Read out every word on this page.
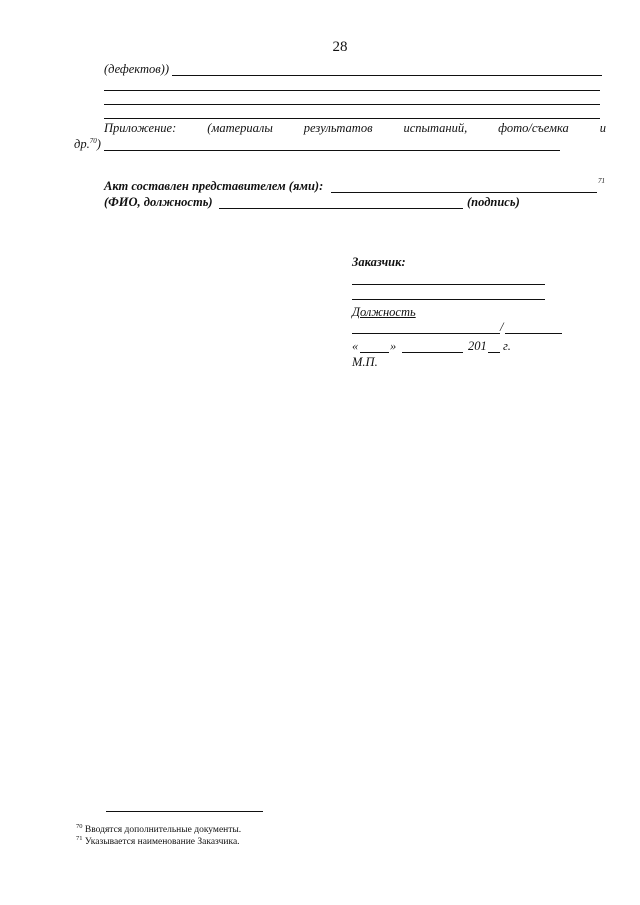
28
(дефектов))
Приложение: (материалы результатов испытаний, фото/съемка и
др.$^{70}$)
Акт составлен представителем (ями):	71
(ФИО, должность)	(подпись)
Заказчик:
Должность
/
«	»	201 г.
М.П.
$^{70}$ Вводятся дополнительные документы.
$^{71}$ Указывается наименование Заказчика.
